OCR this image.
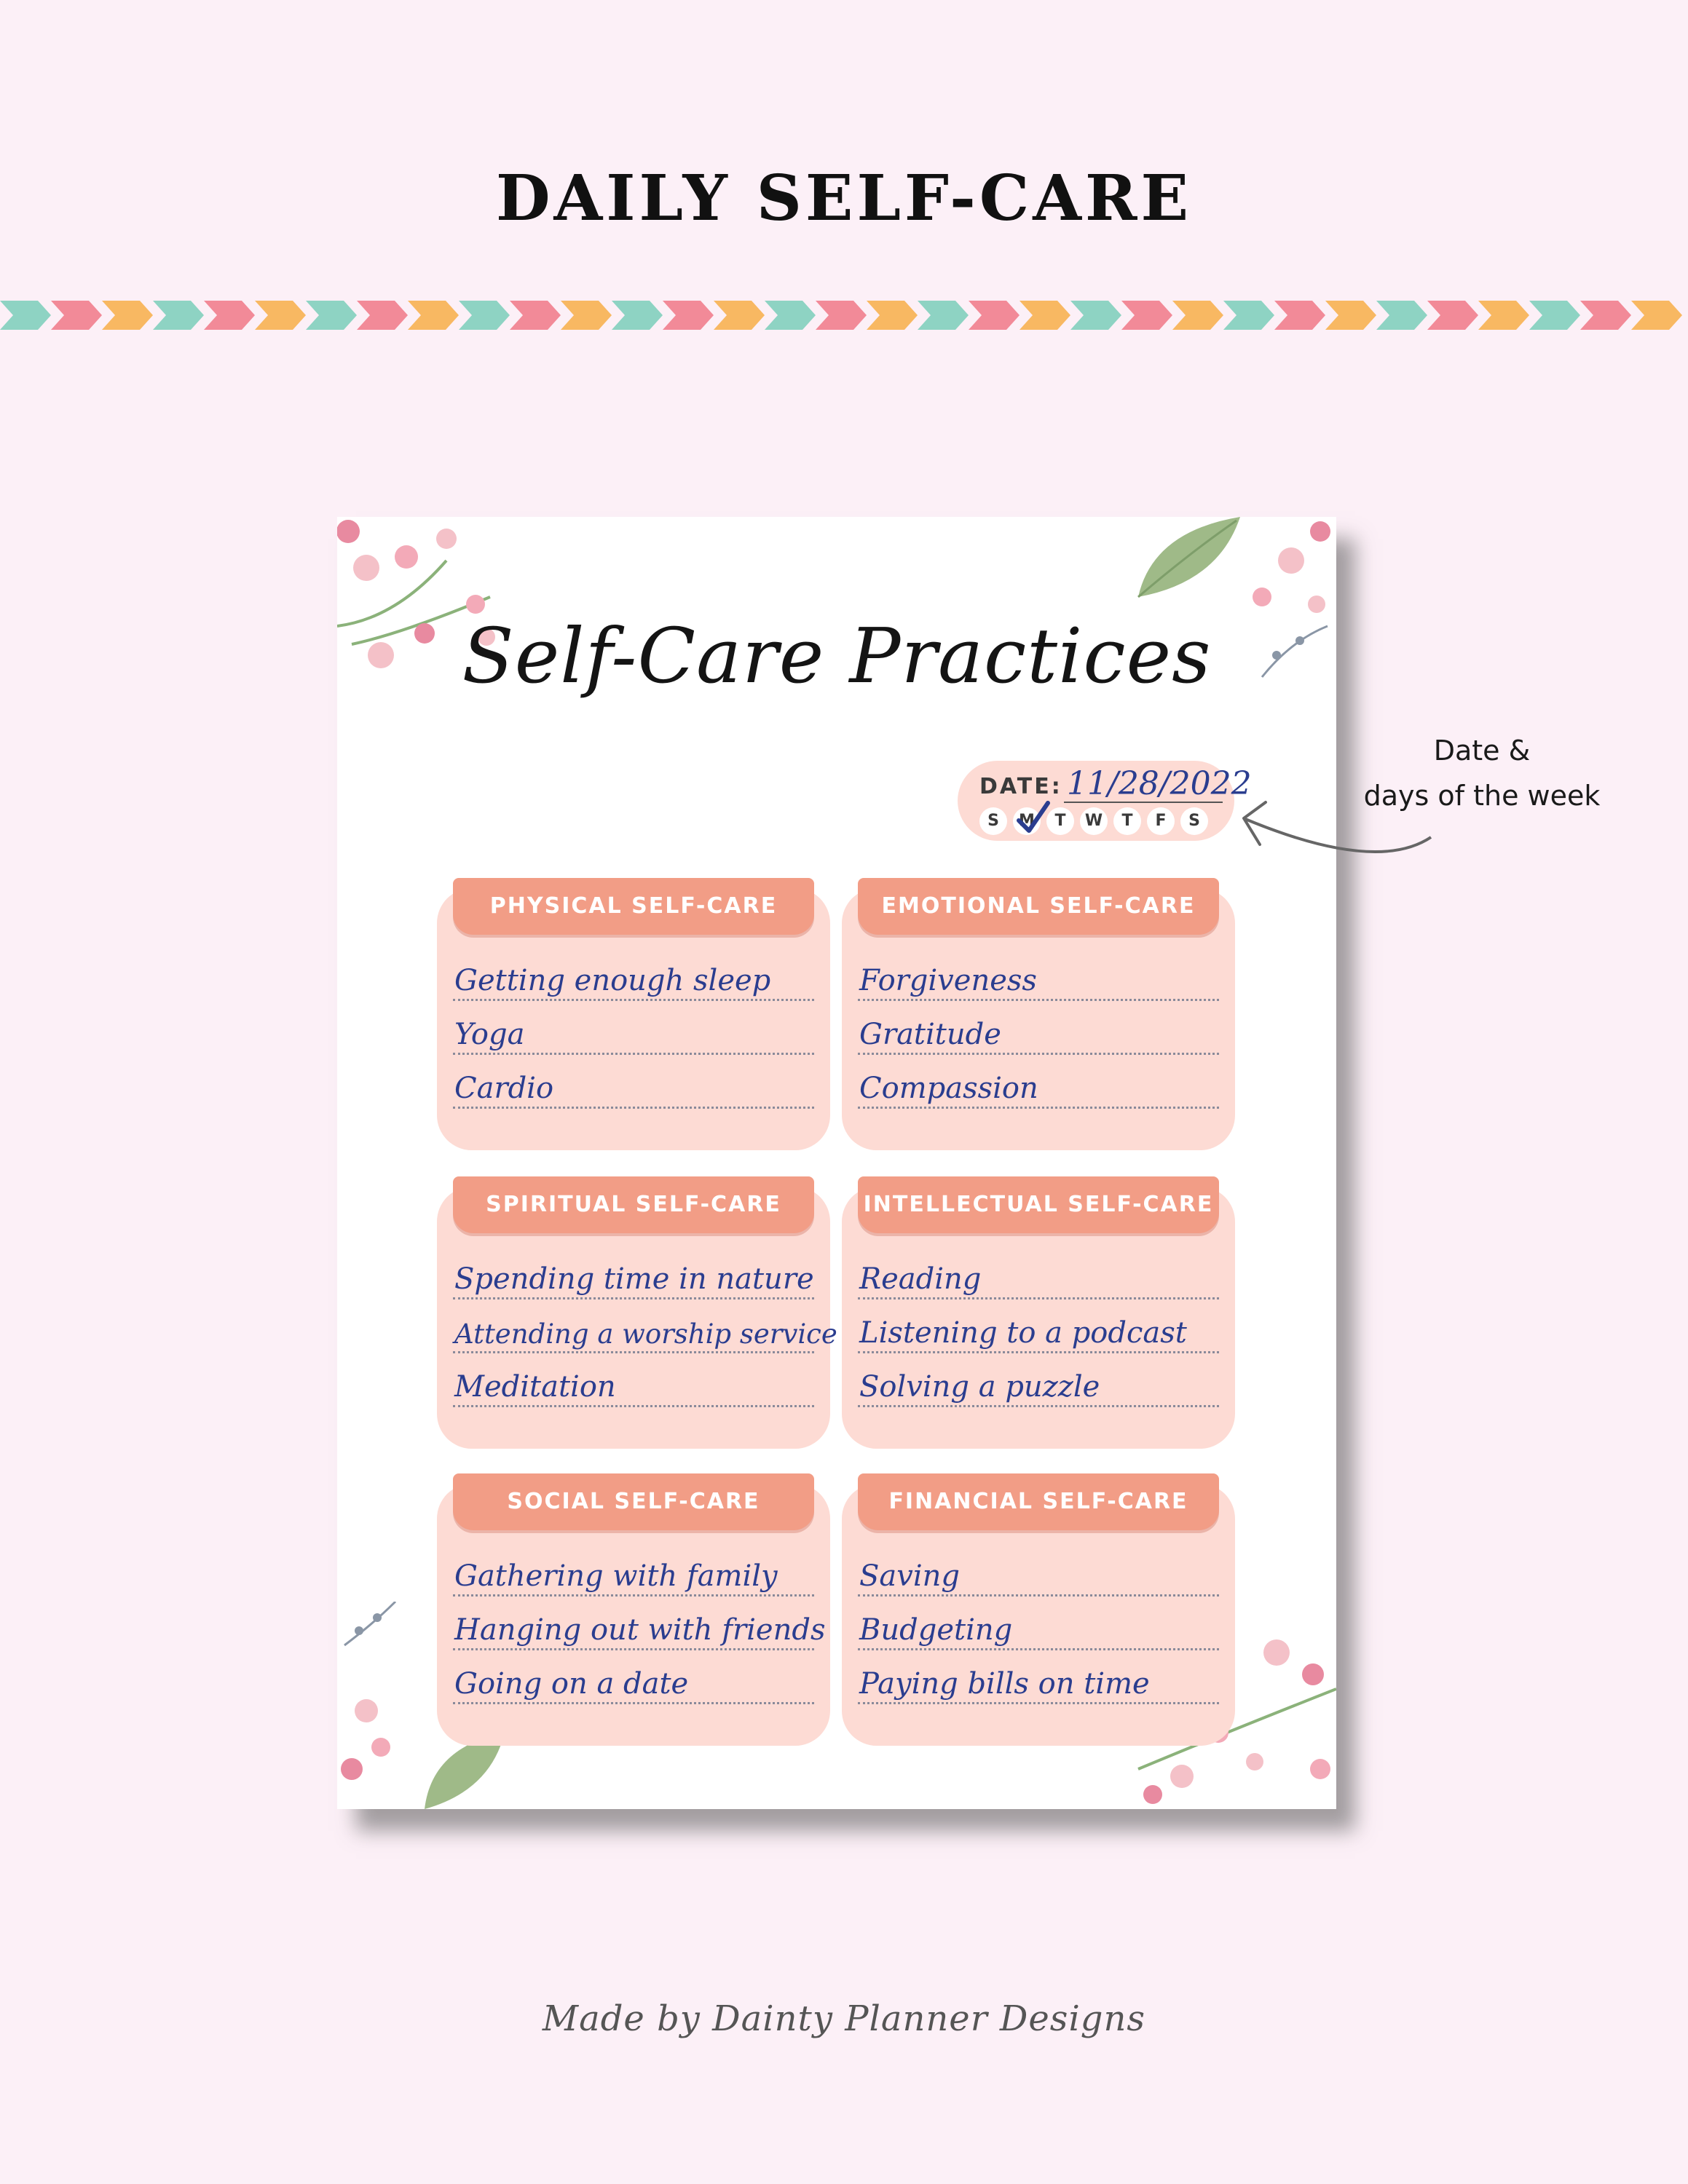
DAILY SELF-CARE
Self-Care Practices
DATE: 11/28/2022
S	M	T	W	T	F	S
PHYSICAL SELF-CARE
Getting enough sleep
Yoga
Cardio
EMOTIONAL SELF-CARE
Forgiveness
Gratitude
Compassion
SPIRITUAL SELF-CARE
Spending time in nature
Attending a worship service
Meditation
INTELLECTUAL SELF-CARE
Reading
Listening to a podcast
Solving a puzzle
SOCIAL SELF-CARE
Gathering with family
Hanging out with friends
Going on a date
FINANCIAL SELF-CARE
Saving
Budgeting
Paying bills on time
Date &
days of the week
Made by Dainty Planner Designs
